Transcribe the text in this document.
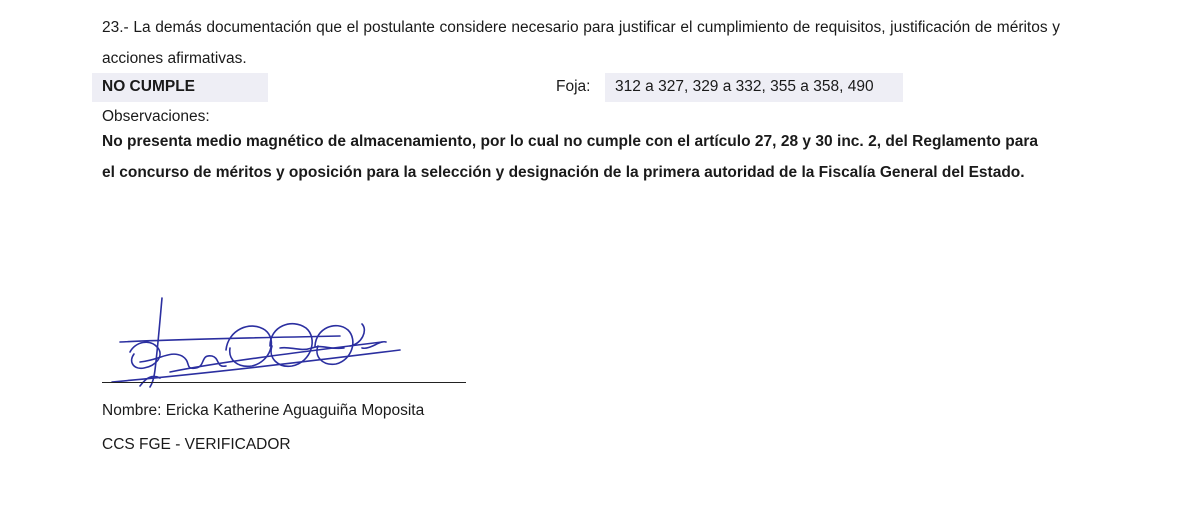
23.- La demás documentación que el postulante considere necesario para justificar el cumplimiento de requisitos, justificación de méritos y acciones afirmativas.
NO CUMPLE	Foja: 312 a 327, 329 a 332, 355 a 358, 490
Observaciones:
No presenta medio magnético de almacenamiento, por lo cual no cumple con el artículo 27, 28 y 30 inc. 2, del Reglamento para el concurso de méritos y oposición para la selección y designación de la primera autoridad de la Fiscalía General del Estado.
Nombre: Ericka Katherine Aguaguiña Moposita
CCS FGE - VERIFICADOR
